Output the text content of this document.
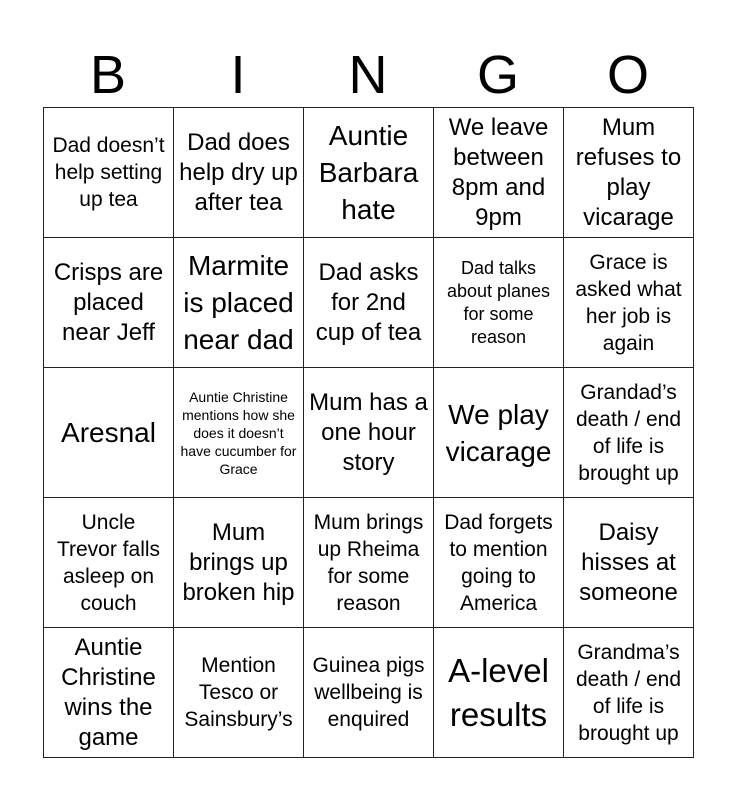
B	I	N	G	O
Dad doesn’t help setting up tea	Dad does help dry up after tea	Auntie Barbara hate	We leave between 8pm and 9pm	Mum refuses to play vicarage
Crisps are placed near Jeff	Marmite is placed near dad	Dad asks for 2nd cup of tea	Dad talks about planes for some reason	Grace is asked what her job is again
Aresnal	Auntie Christine mentions how she does it doesn’t have cucumber for Grace	Mum has a one hour story	We play vicarage	Grandad’s death / end of life is brought up
Uncle Trevor falls asleep on couch	Mum brings up broken hip	Mum brings up Rheima for some reason	Dad forgets to mention going to America	Daisy hisses at someone
Auntie Christine wins the game	Mention Tesco or Sainsbury’s	Guinea pigs wellbeing is enquired	A-level results	Grandma’s death / end of life is brought up
